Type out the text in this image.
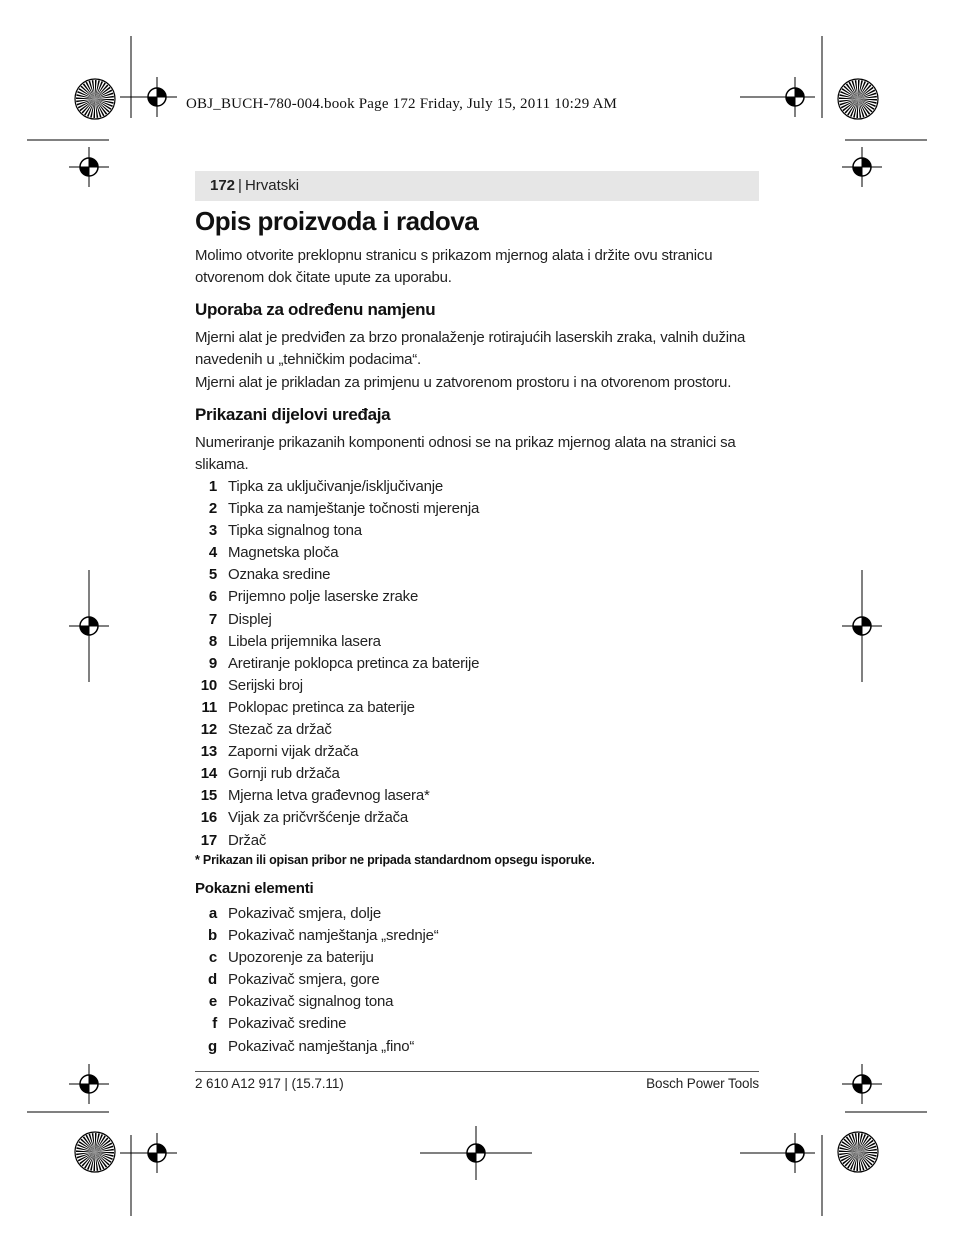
OBJ_BUCH-780-004.book Page 172 Friday, July 15, 2011 10:29 AM
172 | Hrvatski
Opis proizvoda i radova

Molimo otvorite preklopnu stranicu s prikazom mjernog alata i držite ovu stranicu otvorenom dok čitate upute za uporabu.

Uporaba za određenu namjenu

Mjerni alat je predviđen za brzo pronalaženje rotirajućih laserskih zraka, valnih dužina navedenih u „tehničkim podacima“.

Mjerni alat je prikladan za primjenu u zatvorenom prostoru i na otvorenom prostoru.

Prikazani dijelovi uređaja

Numeriranje prikazanih komponenti odnosi se na prikaz mjernog alata na stranici sa slikama.

1 Tipka za uključivanje/isključivanje
2 Tipka za namještanje točnosti mjerenja
3 Tipka signalnog tona
4 Magnetska ploča
5 Oznaka sredine
6 Prijemno polje laserske zrake
7 Displej
8 Libela prijemnika lasera
9 Aretiranje poklopca pretinca za baterije
10 Serijski broj
11 Poklopac pretinca za baterije
12 Stezač za držač
13 Zaporni vijak držača
14 Gornji rub držača
15 Mjerna letva građevnog lasera*
16 Vijak za pričvršćenje držača
17 Držač
* Prikazan ili opisan pribor ne pripada standardnom opsegu isporuke.
Pokazni elementi
a Pokazivač smjera, dolje
b Pokazivač namještanja „srednje“
c Upozorenje za bateriju
d Pokazivač smjera, gore
e Pokazivač signalnog tona
f Pokazivač sredine
g Pokazivač namještanja „fino“
2 610 A12 917 | (15.7.11)	Bosch Power Tools
